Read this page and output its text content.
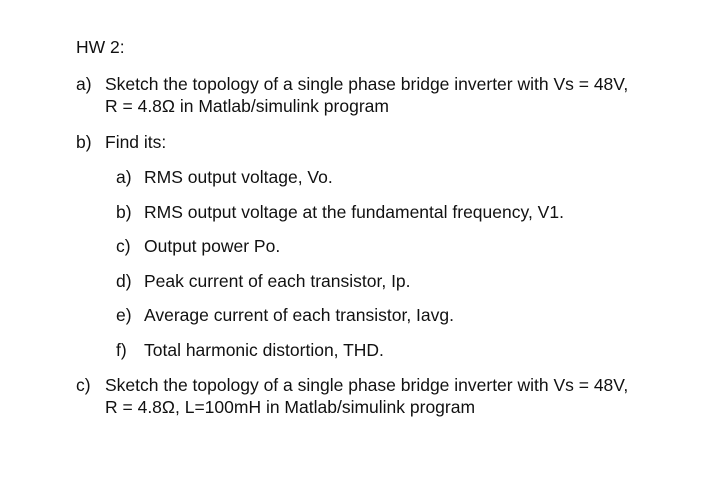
HW 2:
a) Sketch the topology of a single phase bridge inverter with Vs = 48V,
R = 4.8Ω in Matlab/simulink program
b) Find its:
a) RMS output voltage, Vo.
b) RMS output voltage at the fundamental frequency, V1.
c) Output power Po.
d) Peak current of each transistor, Ip.
e) Average current of each transistor, Iavg.
f) Total harmonic distortion, THD.
c) Sketch the topology of a single phase bridge inverter with Vs = 48V,
R = 4.8Ω, L=100mH in Matlab/simulink program
